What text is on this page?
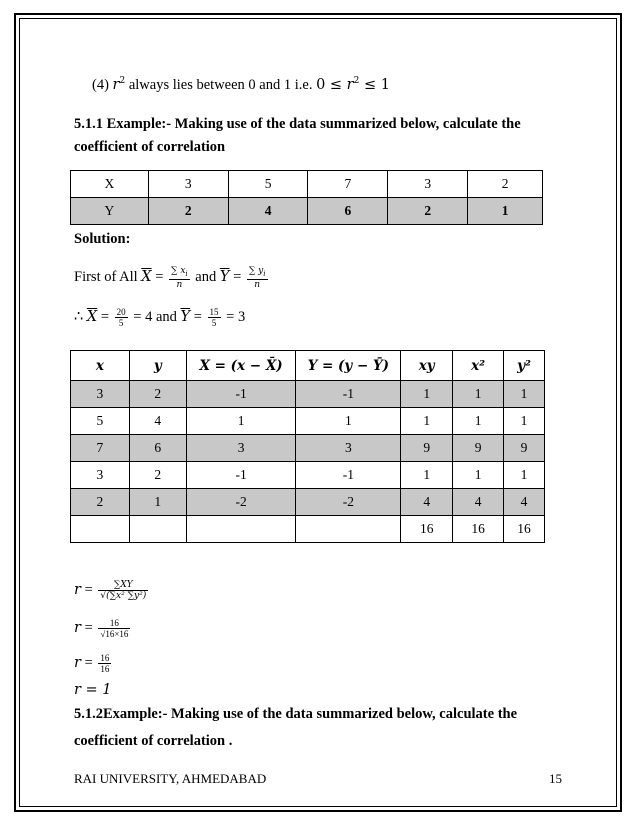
(4) $r^2$ always lies between 0 and 1 i.e. $0 \le r^2 \le 1$
5.1.1 Example:- Making use of the data summarized below, calculate the
coefficient of correlation
X	3	5	7	3	2
Y	2	4	6	2	1
Solution:
First of All $\overline{X} = \frac{\sum x_i}{n}$ and $\overline{Y} = \frac{\sum y_i}{n}$
∴ $\overline{X} = \frac{20}{5} = 4$ and $\overline{Y} = \frac{15}{5} = 3$
x	y	X = (x − X̄)	Y = (y − Ȳ)	xy	x²	y²
3	2	-1	-1	1	1	1
5	4	1	1	1	1	1
7	6	3	3	9	9	9
3	2	-1	-1	1	1	1
2	1	-2	-2	4	4	4
				16	16	16
$r = \frac{\sum XY}{\text{√(∑x² ∑y²)}}$
$r = \frac{16}{√16\times 16}$
$r = \frac{16}{16}$
r = 1
5.1.2Example:- Making use of the data summarized below, calculate the
coefficient of correlation .
RAI UNIVERSITY, AHMEDABAD	15
